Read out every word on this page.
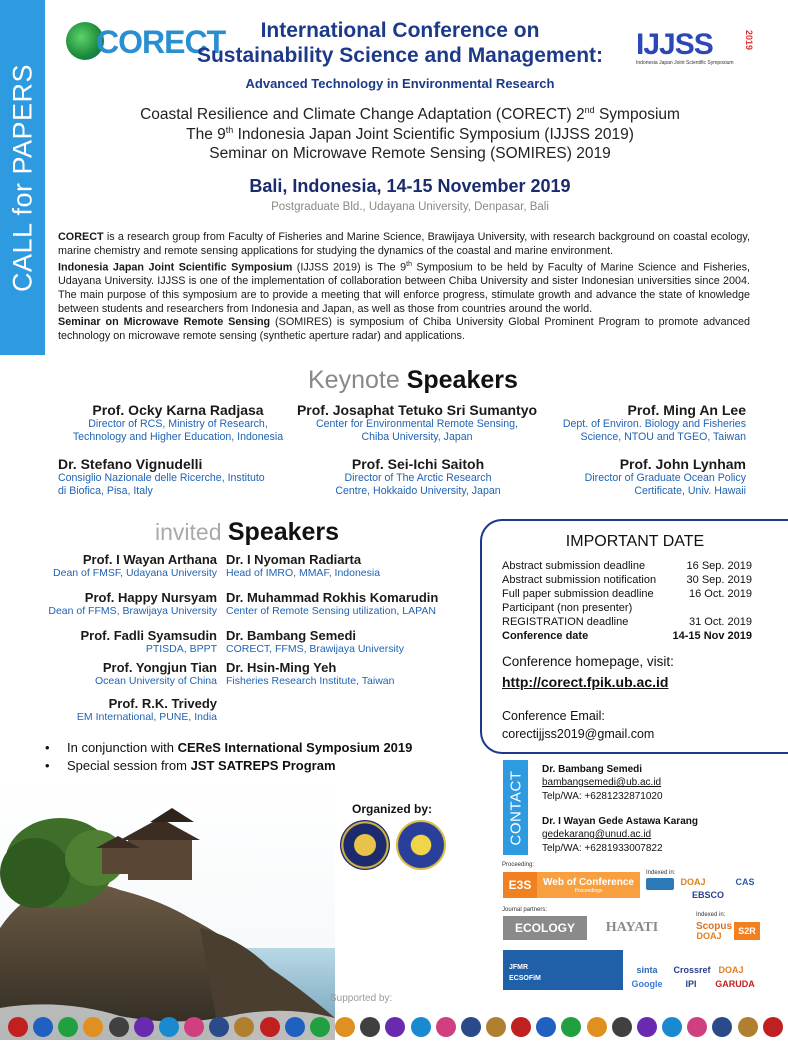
CALL for PAPERS
CORECT	IJJSS	2019
Indonesia Japan Joint Scientific Symposium
International Conference on
Sustainability Science and Management:
Advanced Technology in Environmental Research
Coastal Resilience and Climate Change Adaptation (CORECT) 2nd Symposium
The 9th Indonesia Japan Joint Scientific Symposium (IJJSS 2019)
Seminar on Microwave Remote Sensing (SOMIRES) 2019
Bali, Indonesia, 14-15 November 2019
Postgraduate Bld., Udayana University, Denpasar, Bali

CORECT is a research group from Faculty of Fisheries and Marine Science, Brawijaya University, with research background on coastal ecology, marine chemistry and remote sensing applications for studying the dynamics of the coastal and marine environment.

Indonesia Japan Joint Scientific Symposium (IJJSS 2019) is The 9th Symposium to be held by Faculty of Marine Science and Fisheries, Udayana University. IJJSS is one of the implementation of collaboration between Chiba University and sister Indonesian universities since 2004. The main purpose of this symposium are to provide a meeting that will enforce progress, stimulate growth and advance the state of knowledge between students and researchers from Indonesia and Japan, as well as those from countries around the world.

Seminar on Microwave Remote Sensing (SOMIRES) is symposium of Chiba University Global Prominent Program to promote advanced technology on microwave remote sensing (synthetic aperture radar) and applications.

Keynote Speakers
Prof. Ocky Karna Radjasa
Director of RCS, Ministry of Research,
Technology and Higher Education, Indonesia
Prof. Josaphat Tetuko Sri Sumantyo
Center for Environmental Remote Sensing,
Chiba University, Japan
Prof. Ming An Lee
Dept. of Environ. Biology and Fisheries
Science, NTOU and TGEO, Taiwan
Dr. Stefano Vignudelli
Consiglio Nazionale delle Ricerche, Instituto
di Biofica, Pisa, Italy
Prof. Sei-Ichi Saitoh
Director of The Arctic Research
Centre, Hokkaido University, Japan
Prof. John Lynham
Director of Graduate Ocean Policy
Certificate, Univ. Hawaii
invited Speakers
Prof. I Wayan Arthana
Dean of FMSF, Udayana University
Prof. Happy Nursyam
Dean of FFMS, Brawijaya University
Prof. Fadli Syamsudin
PTISDA, BPPT
Prof. Yongjun Tian
Ocean University of China
Prof. R.K. Trivedy
EM International, PUNE, India
Dr. I Nyoman Radiarta
Head of IMRO, MMAF, Indonesia
Dr. Muhammad Rokhis Komarudin
Center of Remote Sensing utilization, LAPAN
Dr. Bambang Semedi
CORECT, FFMS, Brawijaya University
Dr. Hsin-Ming Yeh
Fisheries Research Institute, Taiwan
• In conjunction with CEReS International Symposium 2019
• Special session from JST SATREPS Program
IMPORTANT DATE
Abstract submission deadline	16 Sep. 2019
Abstract submission notification	30 Sep. 2019
Full paper submission deadline	16 Oct. 2019
Participant (non presenter)
REGISTRATION deadline	31 Oct. 2019
Conference date	14-15 Nov 2019
Conference homepage, visit:
http://corect.fpik.ub.ac.id
Conference Email:
corectijjss2019@gmail.com
CONTACT
Dr. Bambang Semedi
bambangsemedi@ub.ac.id
Telp/WA: +6281232871020
Dr. I Wayan Gede Astawa Karang
gedekarang@unud.ac.id
Telp/WA: +6281933007822
Organized by:
Proceeding:
E3S	Web of Conference
Proceedings
Indexed in:
DOAJ	CAS
EBSCO
Journal partners:
ECOLOGY	HAYATI
Indexed in:
Scopus
DOAJ	S2R
JFMR
ECSOFiM
sinta
Google
Crossref
IPI	GARUDA
DOAJ
Supported by:
